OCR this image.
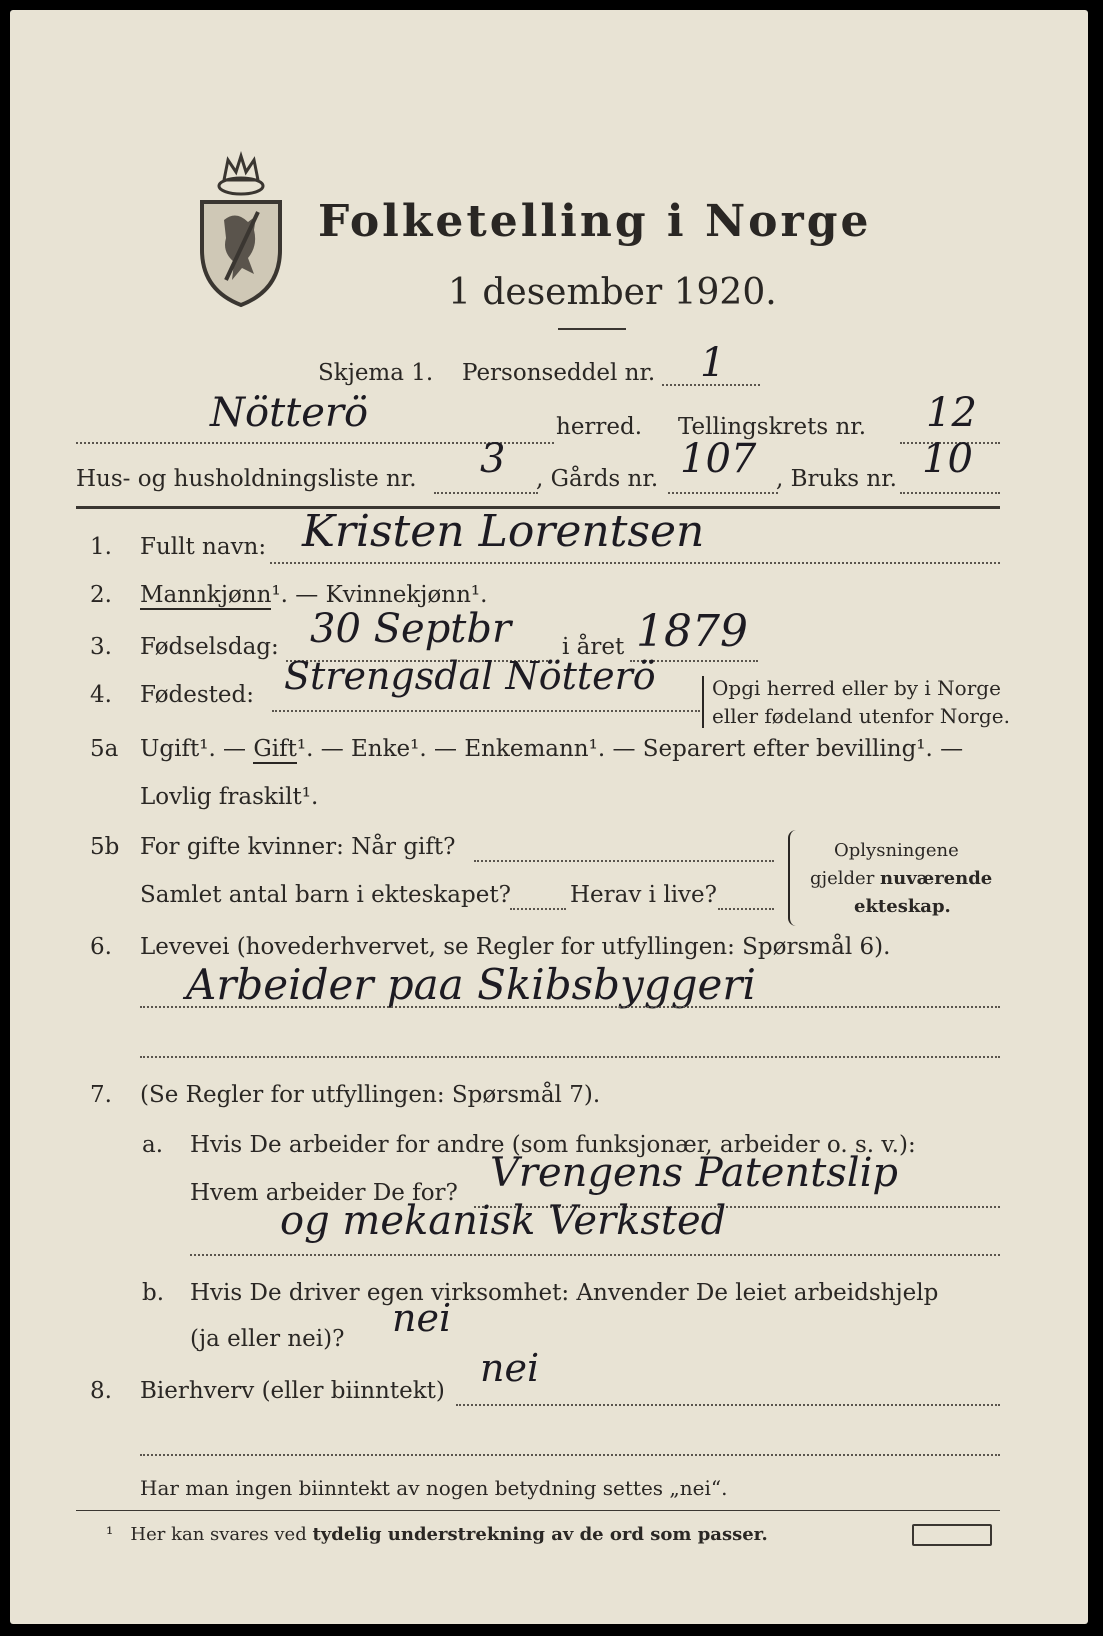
Folketelling i Norge
1 desember 1920.
Skjema 1. Personseddel nr. 1
Nötterö	herred. Tellingskrets nr. 12
Hus- og husholdningsliste nr. 3 , Gårds nr. 107 , Bruks nr. 10
1. Fullt navn: Kristen Lorentsen
2. Mannkjønn¹. — Kvinnekjønn¹.
3. Fødselsdag: 30 Septbr i året 1879
4. Fødested: Strengsdal Nötterö	Opgi herred eller by i Norge
eller fødeland utenfor Norge.
5a Ugift¹. — Gift¹. — Enke¹. — Enkemann¹. — Separert efter bevilling¹. —
Lovlig fraskilt¹.
5b For gifte kvinner: Når gift?
Samlet antal barn i ekteskapet?	Herav i live?
Oplysningene
gjelder nuværende
ekteskap.
6. Levevei (hovederhvervet, se Regler for utfyllingen: Spørsmål 6).
Arbeider paa Skibsbyggeri
7. (Se Regler for utfyllingen: Spørsmål 7).
a. Hvis De arbeider for andre (som funksjonær, arbeider o. s. v.):
Hvem arbeider De for? Vrengens Patentslip
og mekanisk Verksted
b. Hvis De driver egen virksomhet: Anvender De leiet arbeidshjelp
(ja eller nei)? nei
8. Bierhverv (eller biinntekt)
nei
Har man ingen biinntekt av nogen betydning settes „nei“.
¹ Her kan svares ved tydelig understrekning av de ord som passer.
